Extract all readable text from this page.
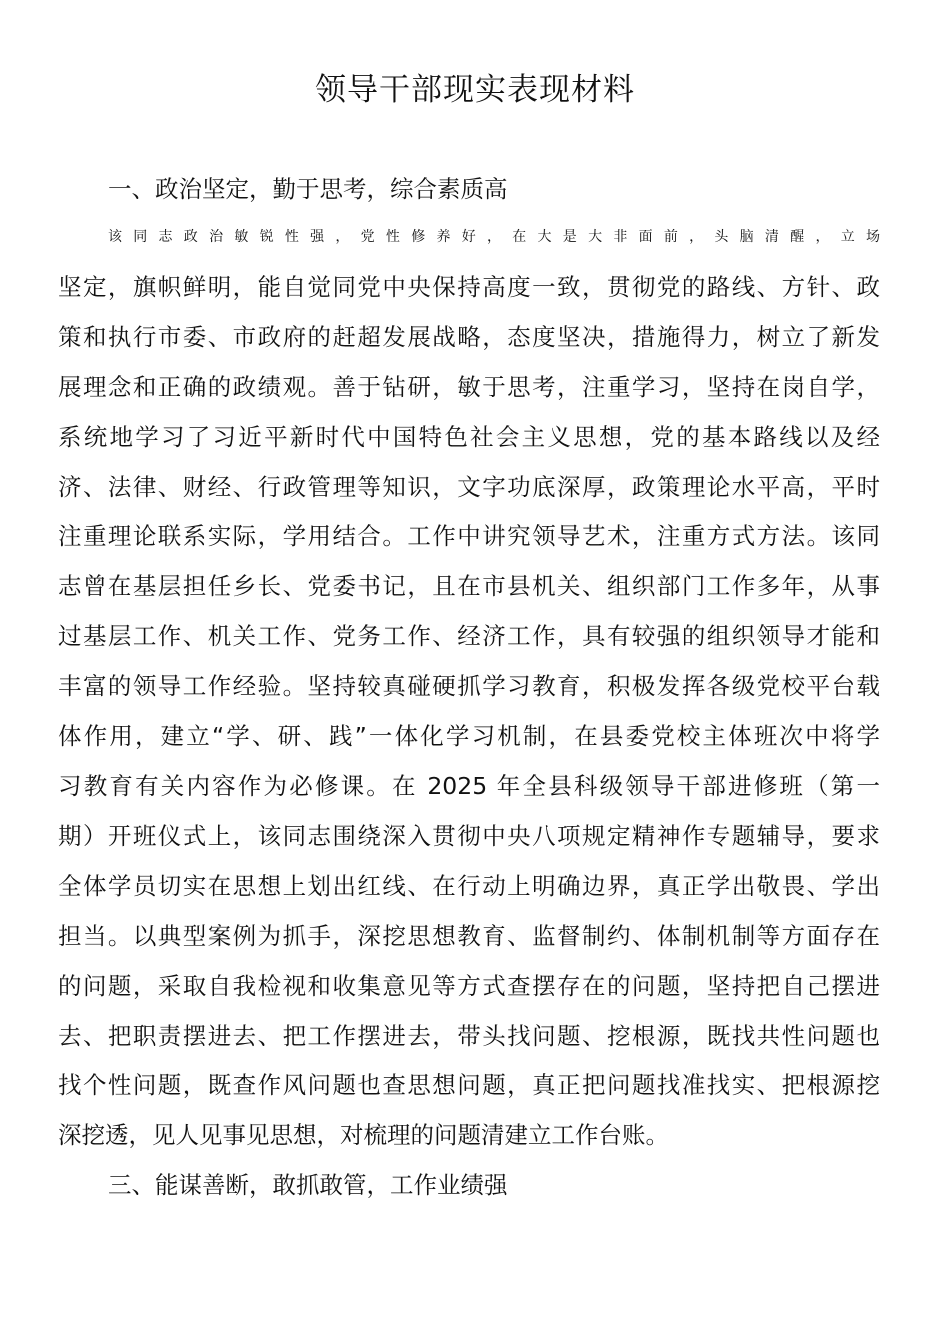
领导干部现实表现材料
一、政治坚定，勤于思考，综合素质高
该同志政治敏锐性强，党性修养好，在大是大非面前，头脑清醒，立场
坚定，旗帜鲜明，能自觉同党中央保持高度一致，贯彻党的路线、方针、政
策和执行市委、市政府的赶超发展战略，态度坚决，措施得力，树立了新发
展理念和正确的政绩观。善于钻研，敏于思考，注重学习，坚持在岗自学，
系统地学习了习近平新时代中国特色社会主义思想，党的基本路线以及经
济、法律、财经、行政管理等知识，文字功底深厚，政策理论水平高，平时
注重理论联系实际，学用结合。工作中讲究领导艺术，注重方式方法。该同
志曾在基层担任乡长、党委书记，且在市县机关、组织部门工作多年，从事
过基层工作、机关工作、党务工作、经济工作，具有较强的组织领导才能和
丰富的领导工作经验。坚持较真碰硬抓学习教育，积极发挥各级党校平台载
体作用，建立“学、研、践”一体化学习机制，在县委党校主体班次中将学
习教育有关内容作为必修课。在 2025 年全县科级领导干部进修班（第一
期）开班仪式上，该同志围绕深入贯彻中央八项规定精神作专题辅导，要求
全体学员切实在思想上划出红线、在行动上明确边界，真正学出敬畏、学出
担当。以典型案例为抓手，深挖思想教育、监督制约、体制机制等方面存在
的问题，采取自我检视和收集意见等方式查摆存在的问题，坚持把自己摆进
去、把职责摆进去、把工作摆进去，带头找问题、挖根源，既找共性问题也
找个性问题，既查作风问题也查思想问题，真正把问题找准找实、把根源挖
深挖透，见人见事见思想，对梳理的问题清建立工作台账。
三、能谋善断，敢抓敢管，工作业绩强
